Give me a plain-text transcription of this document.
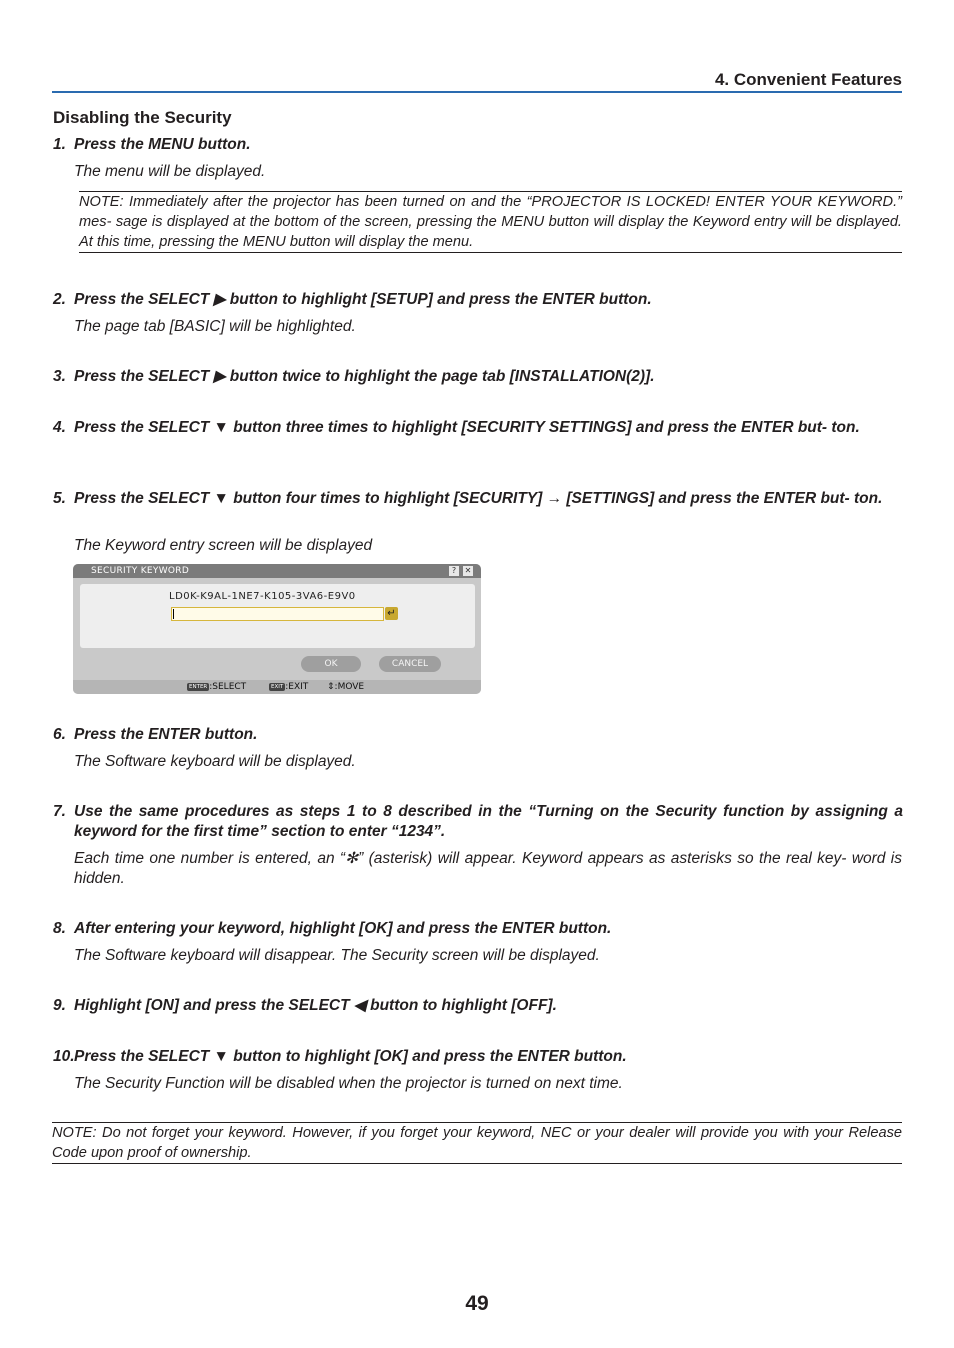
4. Convenient Features
Disabling the Security
1. Press the MENU button.
The menu will be displayed.
NOTE: Immediately after the projector has been turned on and the “PROJECTOR IS LOCKED! ENTER YOUR KEYWORD.” mes- sage is displayed at the bottom of the screen, pressing the MENU button will display the Keyword entry will be displayed. At this time, pressing the MENU button will display the menu.
2. Press the SELECT ▶ button to highlight [SETUP] and press the ENTER button.
The page tab [BASIC] will be highlighted.
3. Press the SELECT ▶ button twice to highlight the page tab [INSTALLATION(2)].
4. Press the SELECT ▼ button three times to highlight [SECURITY SETTINGS] and press the ENTER but- ton.
5. Press the SELECT ▼ button four times to highlight [SECURITY] → [SETTINGS] and press the ENTER but- ton.
The Keyword entry screen will be displayed
SECURITY KEYWORD	?	✕
LD0K-K9AL-1NE7-K105-3VA6-E9V0
↵
OK	CANCEL
ENTER :SELECT	EXIT :EXIT ⇕:MOVE
6. Press the ENTER button.
The Software keyboard will be displayed.
7. Use the same procedures as steps 1 to 8 described in the “Turning on the Security function by assigning a keyword for the first time” section to enter “1234”.
Each time one number is entered, an “✻” (asterisk) will appear. Keyword appears as asterisks so the real key- word is hidden.
8. After entering your keyword, highlight [OK] and press the ENTER button.
The Software keyboard will disappear. The Security screen will be displayed.
9. Highlight [ON] and press the SELECT ◀ button to highlight [OFF].
10. Press the SELECT ▼ button to highlight [OK] and press the ENTER button.
The Security Function will be disabled when the projector is turned on next time.
NOTE: Do not forget your keyword. However, if you forget your keyword, NEC or your dealer will provide you with your Release Code upon proof of ownership.
49
